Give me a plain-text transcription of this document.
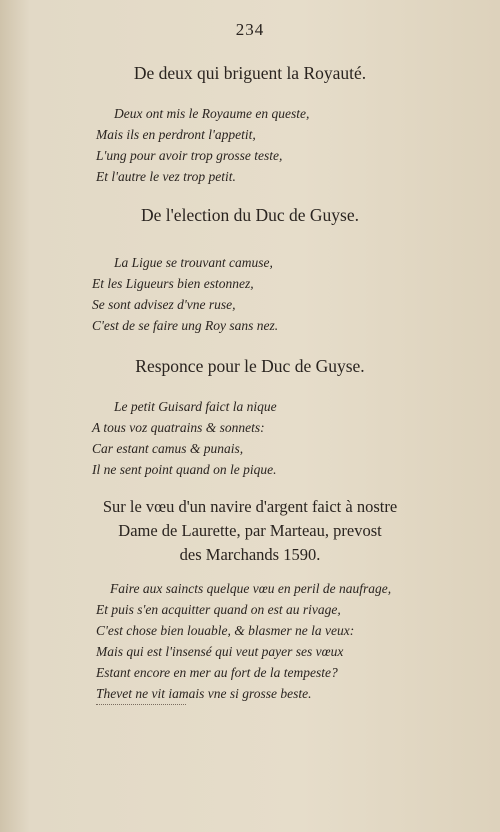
234
De deux qui briguent la Royauté.
Deux ont mis le Royaume en queste,
Mais ils en perdront l'appetit,
L'ung pour avoir trop grosse teste,
Et l'autre le vez trop petit.
De l'election du Duc de Guyse.
La Ligue se trouvant camuse,
Et les Ligueurs bien estonnez,
Se sont advisez d'vne ruse,
C'est de se faire ung Roy sans nez.
Responce pour le Duc de Guyse.
Le petit Guisard faict la nique
A tous voz quatrains & sonnets:
Car estant camus & punais,
Il ne sent point quand on le pique.
Sur le vœu d'un navire d'argent faict à nostre
Dame de Laurette, par Marteau, prevost
des Marchands 1590.
Faire aux saincts quelque vœu en peril de naufrage,
Et puis s'en acquitter quand on est au rivage,
C'est chose bien louable, & blasmer ne la veux:
Mais qui est l'insensé qui veut payer ses vœux
Estant encore en mer au fort de la tempeste?
Thevet ne vit iamais vne si grosse beste.
